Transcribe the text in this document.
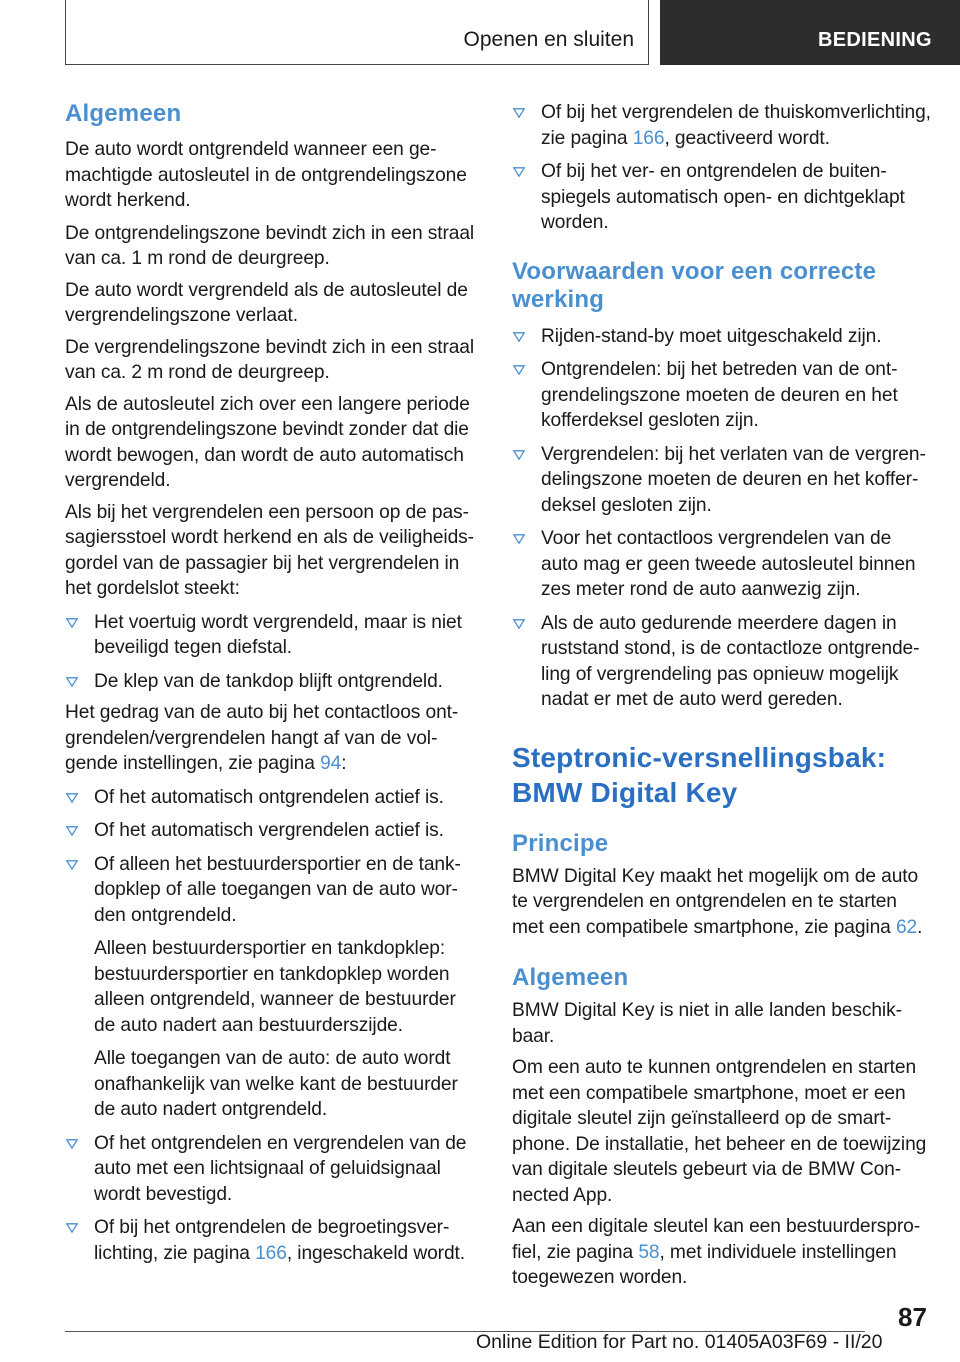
Openen en sluiten	BEDIENING
Algemeen
De auto wordt ontgrendeld wanneer een gemachtigde autosleutel in de ontgrendelingszone wordt herkend.
De ontgrendelingszone bevindt zich in een straal van ca. 1 m rond de deurgreep.
De auto wordt vergrendeld als de autosleutel de vergrendelingszone verlaat.
De vergrendelingszone bevindt zich in een straal van ca. 2 m rond de deurgreep.
Als de autosleutel zich over een langere periode in de ontgrendelingszone bevindt zonder dat die wordt bewogen, dan wordt de auto automatisch vergrendeld.
Als bij het vergrendelen een persoon op de passagiersstoel wordt herkend en als de veiligheidsgordel van de passagier bij het vergrendelen in het gordelslot steekt:
Het voertuig wordt vergrendeld, maar is niet beveiligd tegen diefstal.
De klep van de tankdop blijft ontgrendeld.
Het gedrag van de auto bij het contactloos ontgrendelen/vergrendelen hangt af van de volgende instellingen, zie pagina 94:
Of het automatisch ontgrendelen actief is.
Of het automatisch vergrendelen actief is.
Of alleen het bestuurdersportier en de tankdopklep of alle toegangen van de auto worden ontgrendeld.
Alleen bestuurdersportier en tankdopklep: bestuurdersportier en tankdopklep worden alleen ontgrendeld, wanneer de bestuurder de auto nadert aan bestuurderszijde.
Alle toegangen van de auto: de auto wordt onafhankelijk van welke kant de bestuurder de auto nadert ontgrendeld.
Of het ontgrendelen en vergrendelen van de auto met een lichtsignaal of geluidsignaal wordt bevestigd.
Of bij het ontgrendelen de begroetingsverlichting, zie pagina 166, ingeschakeld wordt.
Of bij het vergrendelen de thuiskomverlichting, zie pagina 166, geactiveerd wordt.
Of bij het ver- en ontgrendelen de buitenspiegels automatisch open- en dichtgeklapt worden.
Voorwaarden voor een correcte werking
Rijden-stand-by moet uitgeschakeld zijn.
Ontgrendelen: bij het betreden van de ontgrendelingszone moeten de deuren en het kofferdeksel gesloten zijn.
Vergrendelen: bij het verlaten van de vergrendelingszone moeten de deuren en het kofferdeksel gesloten zijn.
Voor het contactloos vergrendelen van de auto mag er geen tweede autosleutel binnen zes meter rond de auto aanwezig zijn.
Als de auto gedurende meerdere dagen in ruststand stond, is de contactloze ontgrendeling of vergrendeling pas opnieuw mogelijk nadat er met de auto werd gereden.
Steptronic-versnellingsbak: BMW Digital Key
Principe
BMW Digital Key maakt het mogelijk om de auto te vergrendelen en ontgrendelen en te starten met een compatibele smartphone, zie pagina 62.
Algemeen
BMW Digital Key is niet in alle landen beschikbaar.
Om een auto te kunnen ontgrendelen en starten met een compatibele smartphone, moet er een digitale sleutel zijn geïnstalleerd op de smartphone. De installatie, het beheer en de toewijzing van digitale sleutels gebeurt via de BMW Connected App.
Aan een digitale sleutel kan een bestuurdersprofiel, zie pagina 58, met individuele instellingen toegewezen worden.
87
Online Edition for Part no. 01405A03F69 - II/20
